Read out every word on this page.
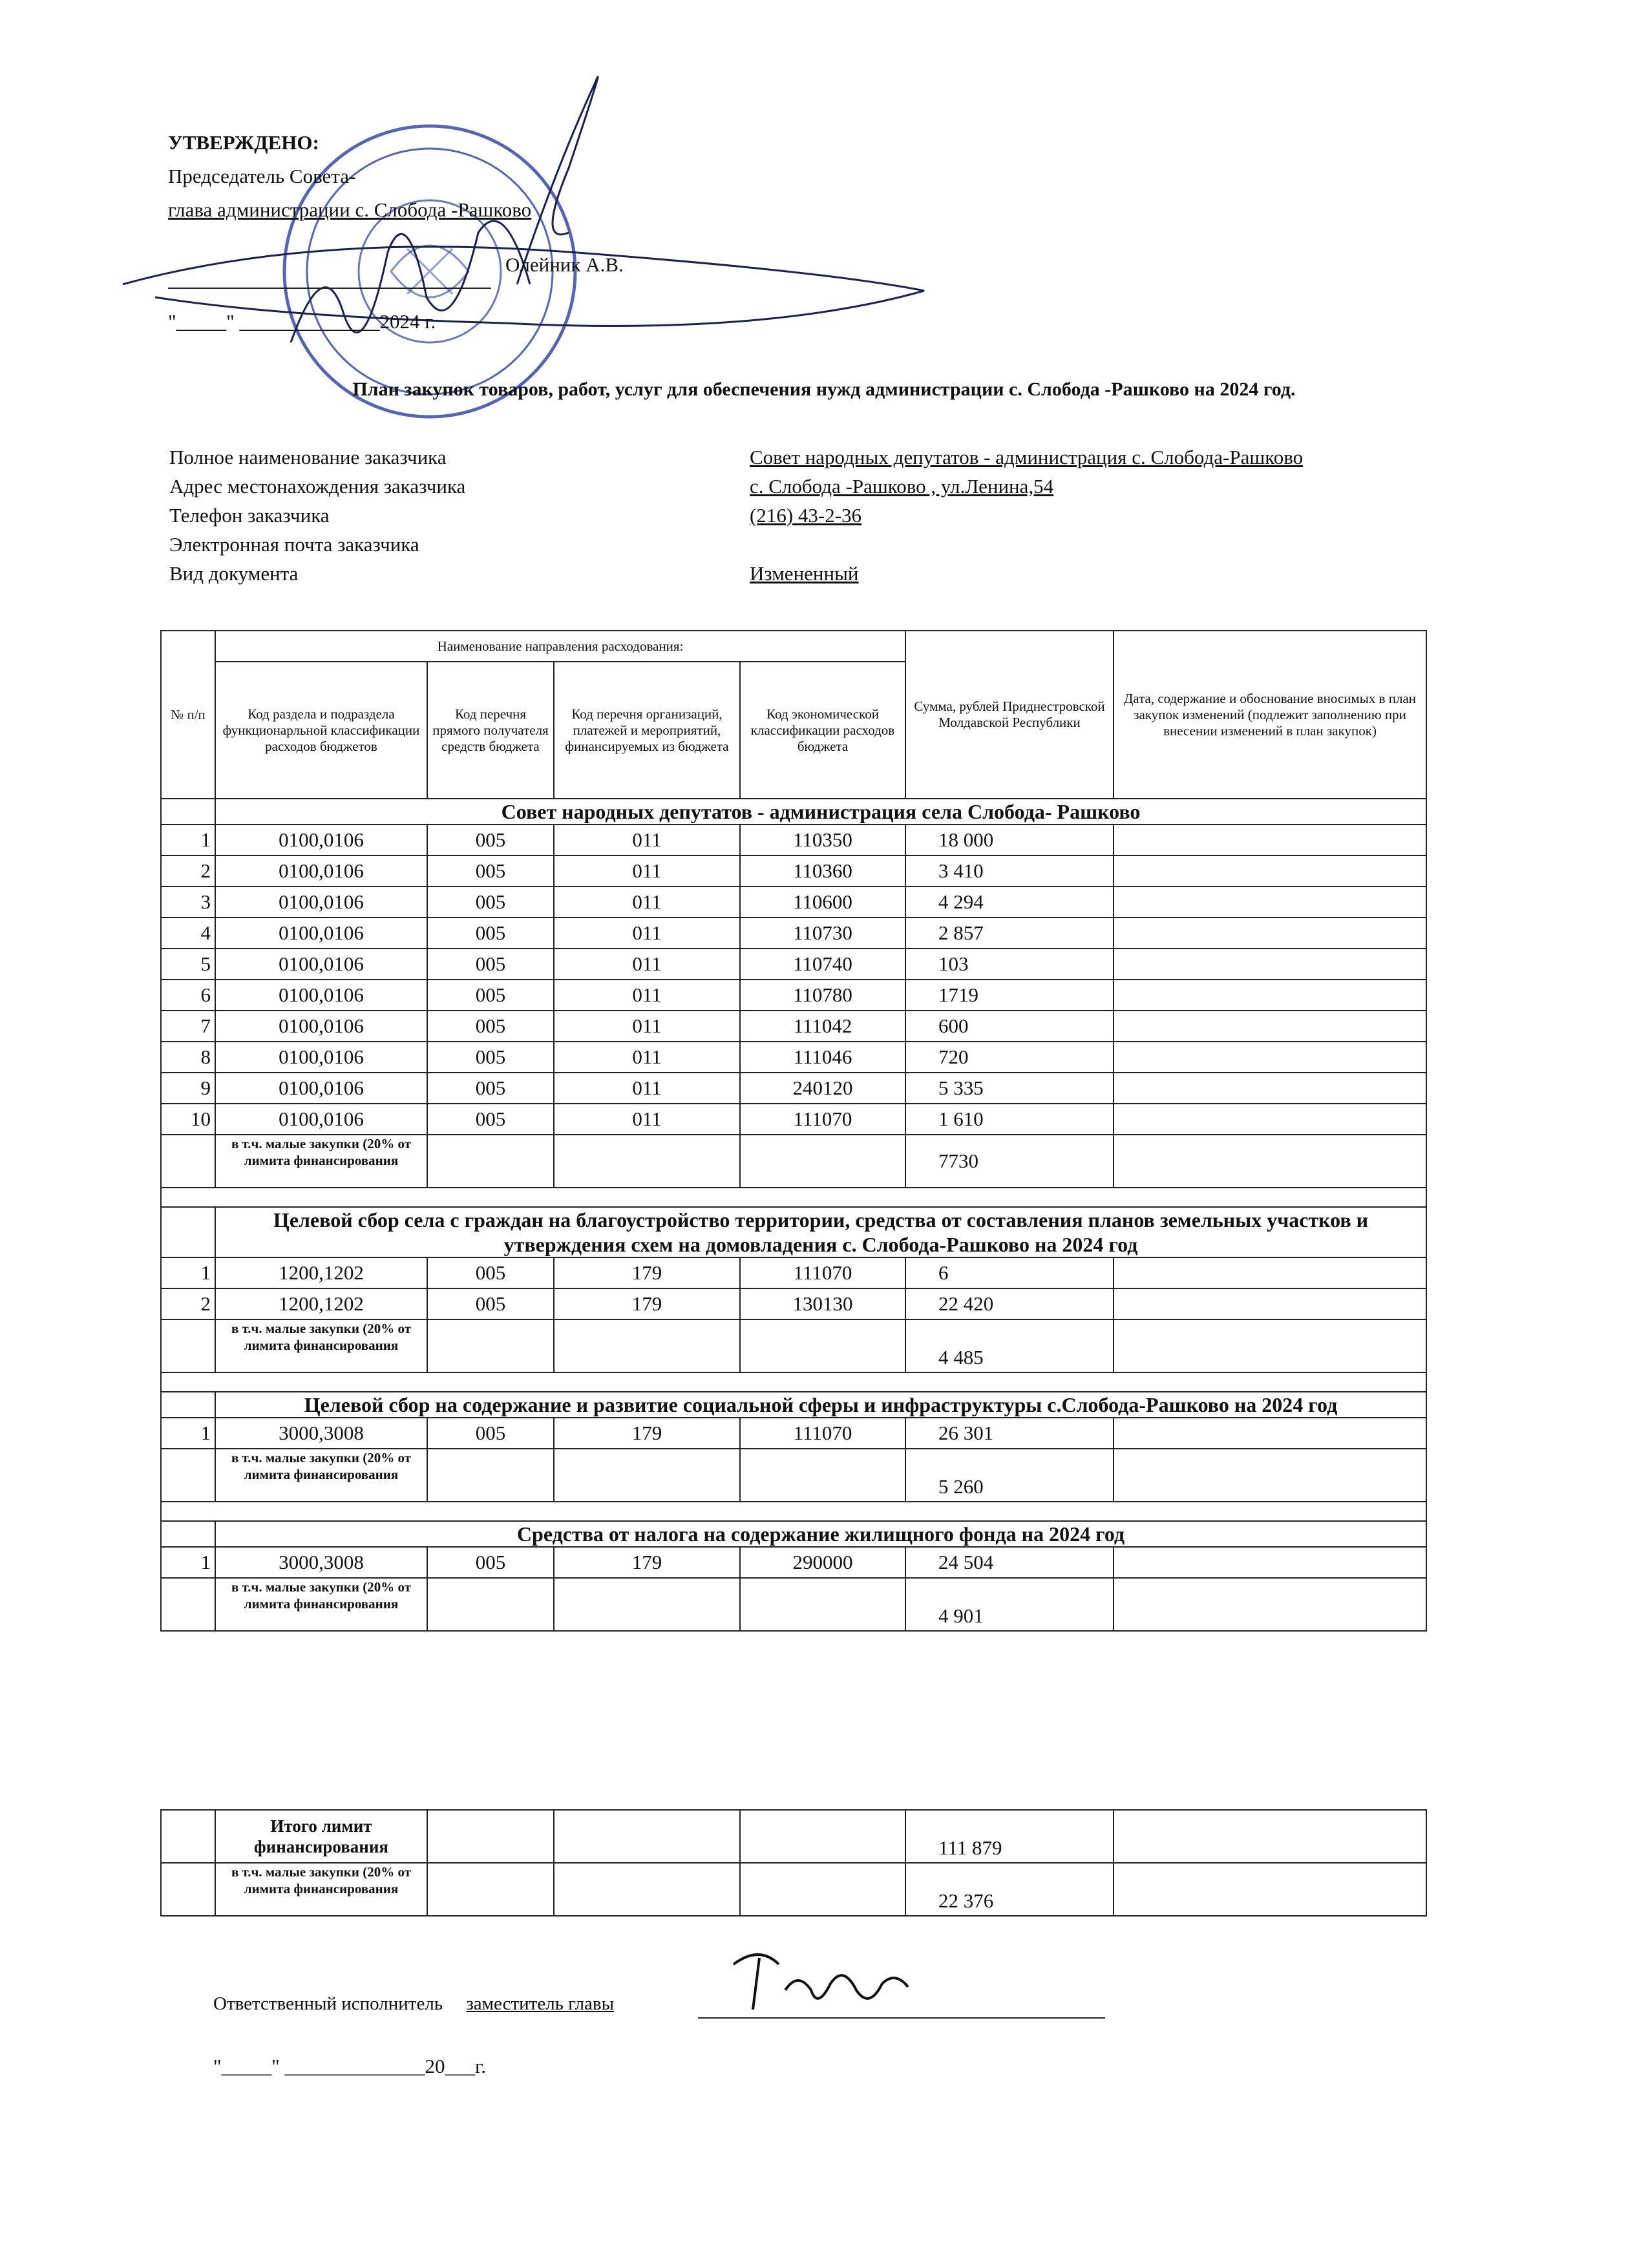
УТВЕРЖДЕНО:
Председатель Совета-
глава администрации с. Слобода -Рашково
Олейник А.В.
"_____" ______________2024 г.
План закупок товаров, работ, услуг для обеспечения нужд администрации с. Слобода -Рашково на 2024 год.
Полное наименование заказчика	Совет народных депутатов - администрация с. Слобода-Рашково
Адрес местонахождения заказчика	с. Слобода -Рашково , ул.Ленина,54
Телефон заказчика	(216) 43-2-36
Электронная почта заказчика
Вид документа	Измененный
№ п/п	Наименование направления расходования:				Сумма, рублей Приднестровской Молдавской Республики	Дата, содержание и обоснование вносимых в план закупок изменений (подлежит заполнению при внесении изменений в план закупок)
	Код раздела и подраздела функционарльной классификации расходов бюджетов	Код перечня прямого получателя средств бюджета	Код перечня организаций, платежей и мероприятий, финансируемых из бюджета	Код экономической классификации расходов бюджета		
	Совет народных депутатов - администрация села Слобода- Рашково					
1	0100,0106	005	011	110350	18 000	
2	0100,0106	005	011	110360	3 410	
3	0100,0106	005	011	110600	4 294	
4	0100,0106	005	011	110730	2 857	
5	0100,0106	005	011	110740	103	
6	0100,0106	005	011	110780	1719	
7	0100,0106	005	011	111042	600	
8	0100,0106	005	011	111046	720	
9	0100,0106	005	011	240120	5 335	
10	0100,0106	005	011	111070	1 610	
	в т.ч. малые закупки (20% от лимита финансирования				7730	

	Целевой сбор села с граждан на благоустройство территории, средства от составления планов земельных участков и утверждения схем на домовладения с. Слобода-Рашково на 2024 год					
1	1200,1202	005	179	111070	6	
2	1200,1202	005	179	130130	22 420	
	в т.ч. малые закупки (20% от лимита финансирования				4 485	

	Целевой сбор на содержание и развитие социальной сферы и инфраструктуры с.Слобода-Рашково на 2024 год					
1	3000,3008	005	179	111070	26 301	
	в т.ч. малые закупки (20% от лимита финансирования				5 260	

	Средства от налога на содержание жилищного фонда на 2024 год					
1	3000,3008	005	179	290000	24 504	
	в т.ч. малые закупки (20% от лимита финансирования				4 901	
	Итого лимит финансирования				111 879	
	в т.ч. малые закупки (20% от лимита финансирования				22 376	
Ответственный исполнитель заместитель главы
"_____" ______________20___г.
